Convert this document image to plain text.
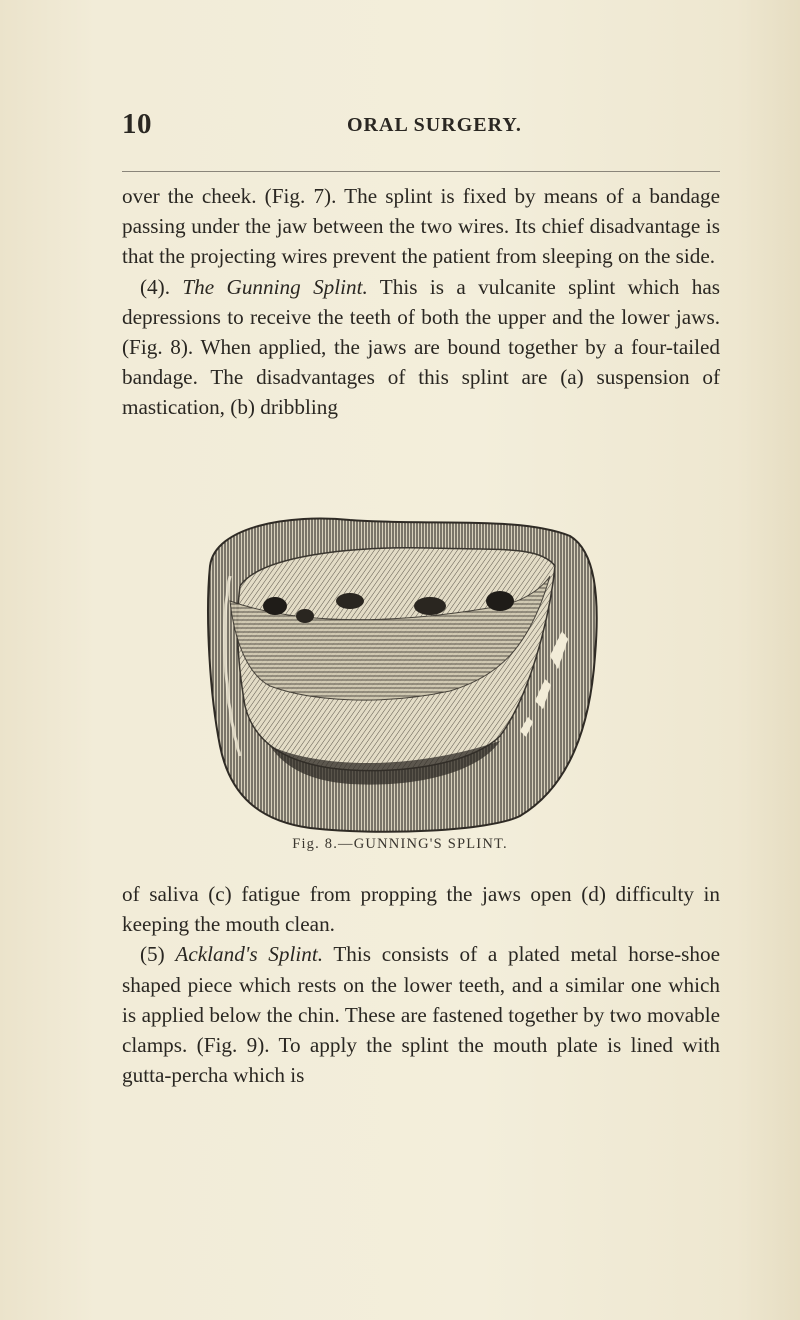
10	ORAL SURGERY.

over the cheek. (Fig. 7). The splint is fixed by means of a bandage passing under the jaw between the two wires. Its chief disadvantage is that the projecting wires prevent the patient from sleeping on the side.

(4). The Gunning Splint. This is a vulcanite splint which has depressions to receive the teeth of both the upper and the lower jaws. (Fig. 8). When applied, the jaws are bound together by a four-tailed bandage. The disadvantages of this splint are (a) suspension of mastication, (b) dribbling

Fig. 8.—GUNNING'S SPLINT.

of saliva (c) fatigue from propping the jaws open (d) difficulty in keeping the mouth clean.

(5) Ackland's Splint. This consists of a plated metal horse-shoe shaped piece which rests on the lower teeth, and a similar one which is applied below the chin. These are fastened together by two movable clamps. (Fig. 9). To apply the splint the mouth plate is lined with gutta-percha which is
